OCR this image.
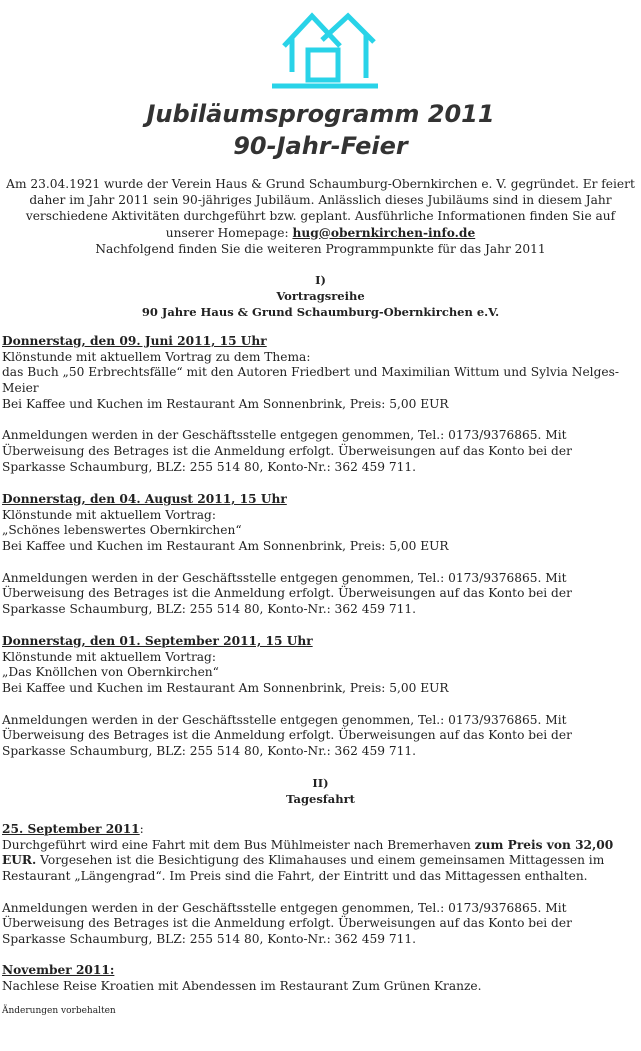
Jubiläumsprogramm 2011
90-Jahr-Feier
Am 23.04.1921 wurde der Verein Haus & Grund Schaumburg-Obernkirchen e. V. gegründet. Er feiert daher im Jahr 2011 sein 90-jähriges Jubiläum. Anlässlich dieses Jubiläums sind in diesem Jahr verschiedene Aktivitäten durchgeführt bzw. geplant. Ausführliche Informationen finden Sie auf unserer Homepage: hug@obernkirchen-info.de
Nachfolgend finden Sie die weiteren Programmpunkte für das Jahr 2011
I)
Vortragsreihe
90 Jahre Haus & Grund Schaumburg-Obernkirchen e.V.

Donnerstag, den 09. Juni 2011, 15 Uhr

Klönstunde mit aktuellem Vortrag zu dem Thema:

das Buch „50 Erbrechtsfälle“ mit den Autoren Friedbert und Maximilian Wittum und Sylvia Nelges-Meier

Bei Kaffee und Kuchen im Restaurant Am Sonnenbrink, Preis: 5,00 EUR

Anmeldungen werden in der Geschäftsstelle entgegen genommen, Tel.: 0173/9376865. Mit Überweisung des Betrages ist die Anmeldung erfolgt. Überweisungen auf das Konto bei der Sparkasse Schaumburg, BLZ: 255 514 80, Konto-Nr.: 362 459 711.

Donnerstag, den 04. August 2011, 15 Uhr

Klönstunde mit aktuellem Vortrag:

„Schönes lebenswertes Obernkirchen“

Bei Kaffee und Kuchen im Restaurant Am Sonnenbrink, Preis: 5,00 EUR

Anmeldungen werden in der Geschäftsstelle entgegen genommen, Tel.: 0173/9376865. Mit Überweisung des Betrages ist die Anmeldung erfolgt. Überweisungen auf das Konto bei der Sparkasse Schaumburg, BLZ: 255 514 80, Konto-Nr.: 362 459 711.

Donnerstag, den 01. September 2011, 15 Uhr

Klönstunde mit aktuellem Vortrag:

„Das Knöllchen von Obernkirchen“

Bei Kaffee und Kuchen im Restaurant Am Sonnenbrink, Preis: 5,00 EUR

Anmeldungen werden in der Geschäftsstelle entgegen genommen, Tel.: 0173/9376865. Mit Überweisung des Betrages ist die Anmeldung erfolgt. Überweisungen auf das Konto bei der Sparkasse Schaumburg, BLZ: 255 514 80, Konto-Nr.: 362 459 711.

II)
Tagesfahrt

25. September 2011:

Durchgeführt wird eine Fahrt mit dem Bus Mühlmeister nach Bremerhaven zum Preis von 32,00 EUR. Vorgesehen ist die Besichtigung des Klimahauses und einem gemeinsamen Mittagessen im Restaurant „Längengrad“. Im Preis sind die Fahrt, der Eintritt und das Mittagessen enthalten.

Anmeldungen werden in der Geschäftsstelle entgegen genommen, Tel.: 0173/9376865. Mit Überweisung des Betrages ist die Anmeldung erfolgt. Überweisungen auf das Konto bei der Sparkasse Schaumburg, BLZ: 255 514 80, Konto-Nr.: 362 459 711.

November 2011:

Nachlese Reise Kroatien mit Abendessen im Restaurant Zum Grünen Kranze.

Änderungen vorbehalten
